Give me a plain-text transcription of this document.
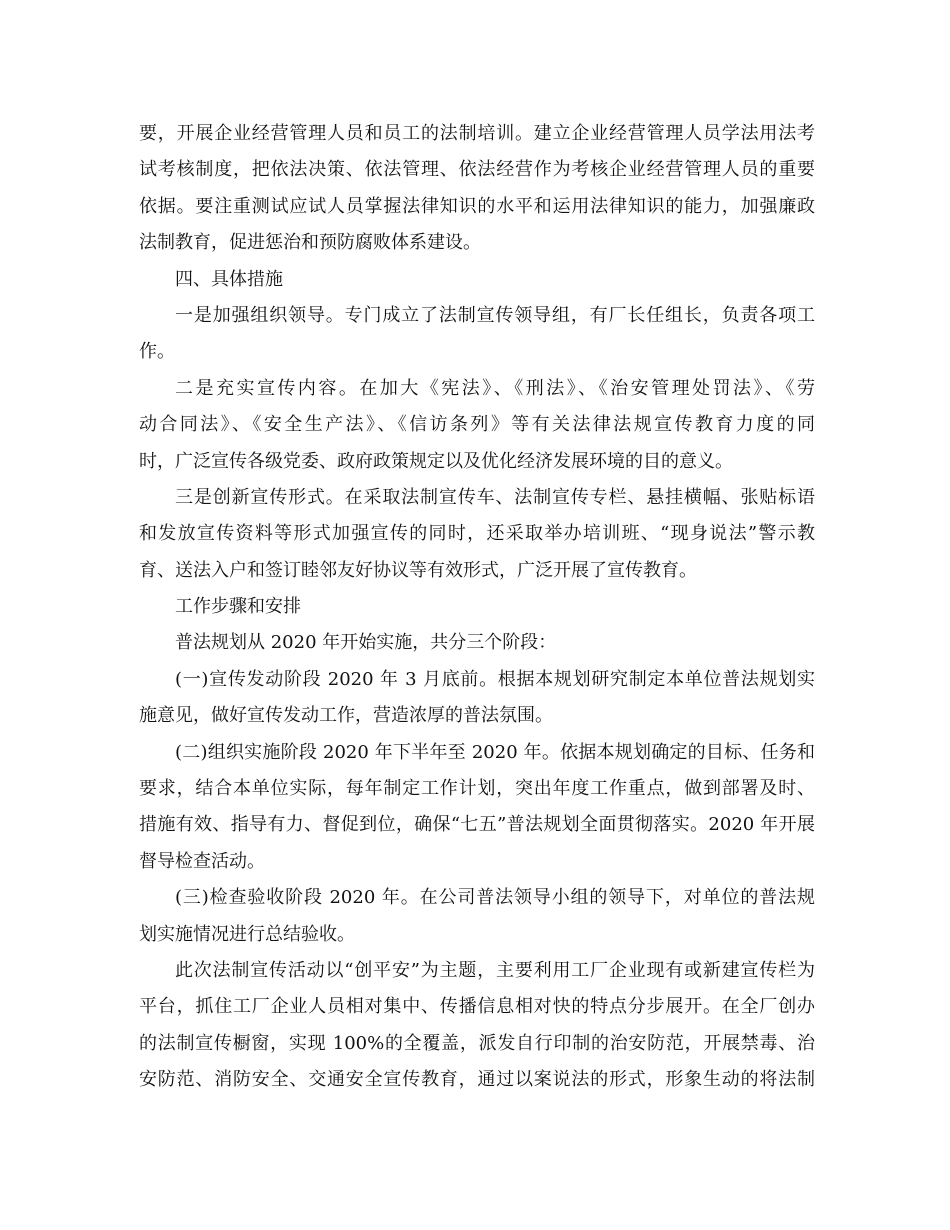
要，开展企业经营管理人员和员工的法制培训。建立企业经营管理人员学法用法考
试考核制度，把依法决策、依法管理、依法经营作为考核企业经营管理人员的重要
依据。要注重测试应试人员掌握法律知识的水平和运用法律知识的能力，加强廉政
法制教育，促进惩治和预防腐败体系建设。
四、具体措施
一是加强组织领导。专门成立了法制宣传领导组，有厂长任组长，负责各项工
作。
二是充实宣传内容。在加大《宪法》、《刑法》、《治安管理处罚法》、《劳
动合同法》、《安全生产法》、《信访条列》等有关法律法规宣传教育力度的同
时，广泛宣传各级党委、政府政策规定以及优化经济发展环境的目的意义。
三是创新宣传形式。在采取法制宣传车、法制宣传专栏、悬挂横幅、张贴标语
和发放宣传资料等形式加强宣传的同时，还采取举办培训班、“现身说法”警示教
育、送法入户和签订睦邻友好协议等有效形式，广泛开展了宣传教育。
工作步骤和安排
普法规划从 2020 年开始实施，共分三个阶段：
(一)宣传发动阶段 2020 年 3 月底前。根据本规划研究制定本单位普法规划实
施意见，做好宣传发动工作，营造浓厚的普法氛围。
(二)组织实施阶段 2020 年下半年至 2020 年。依据本规划确定的目标、任务和
要求，结合本单位实际，每年制定工作计划，突出年度工作重点，做到部署及时、
措施有效、指导有力、督促到位，确保“七五”普法规划全面贯彻落实。2020 年开展
督导检查活动。
(三)检查验收阶段 2020 年。在公司普法领导小组的领导下，对单位的普法规
划实施情况进行总结验收。
此次法制宣传活动以“创平安”为主题，主要利用工厂企业现有或新建宣传栏为
平台，抓住工厂企业人员相对集中、传播信息相对快的特点分步展开。在全厂创办
的法制宣传橱窗，实现 100%的全覆盖，派发自行印制的治安防范，开展禁毒、治
安防范、消防安全、交通安全宣传教育，通过以案说法的形式，形象生动的将法制
